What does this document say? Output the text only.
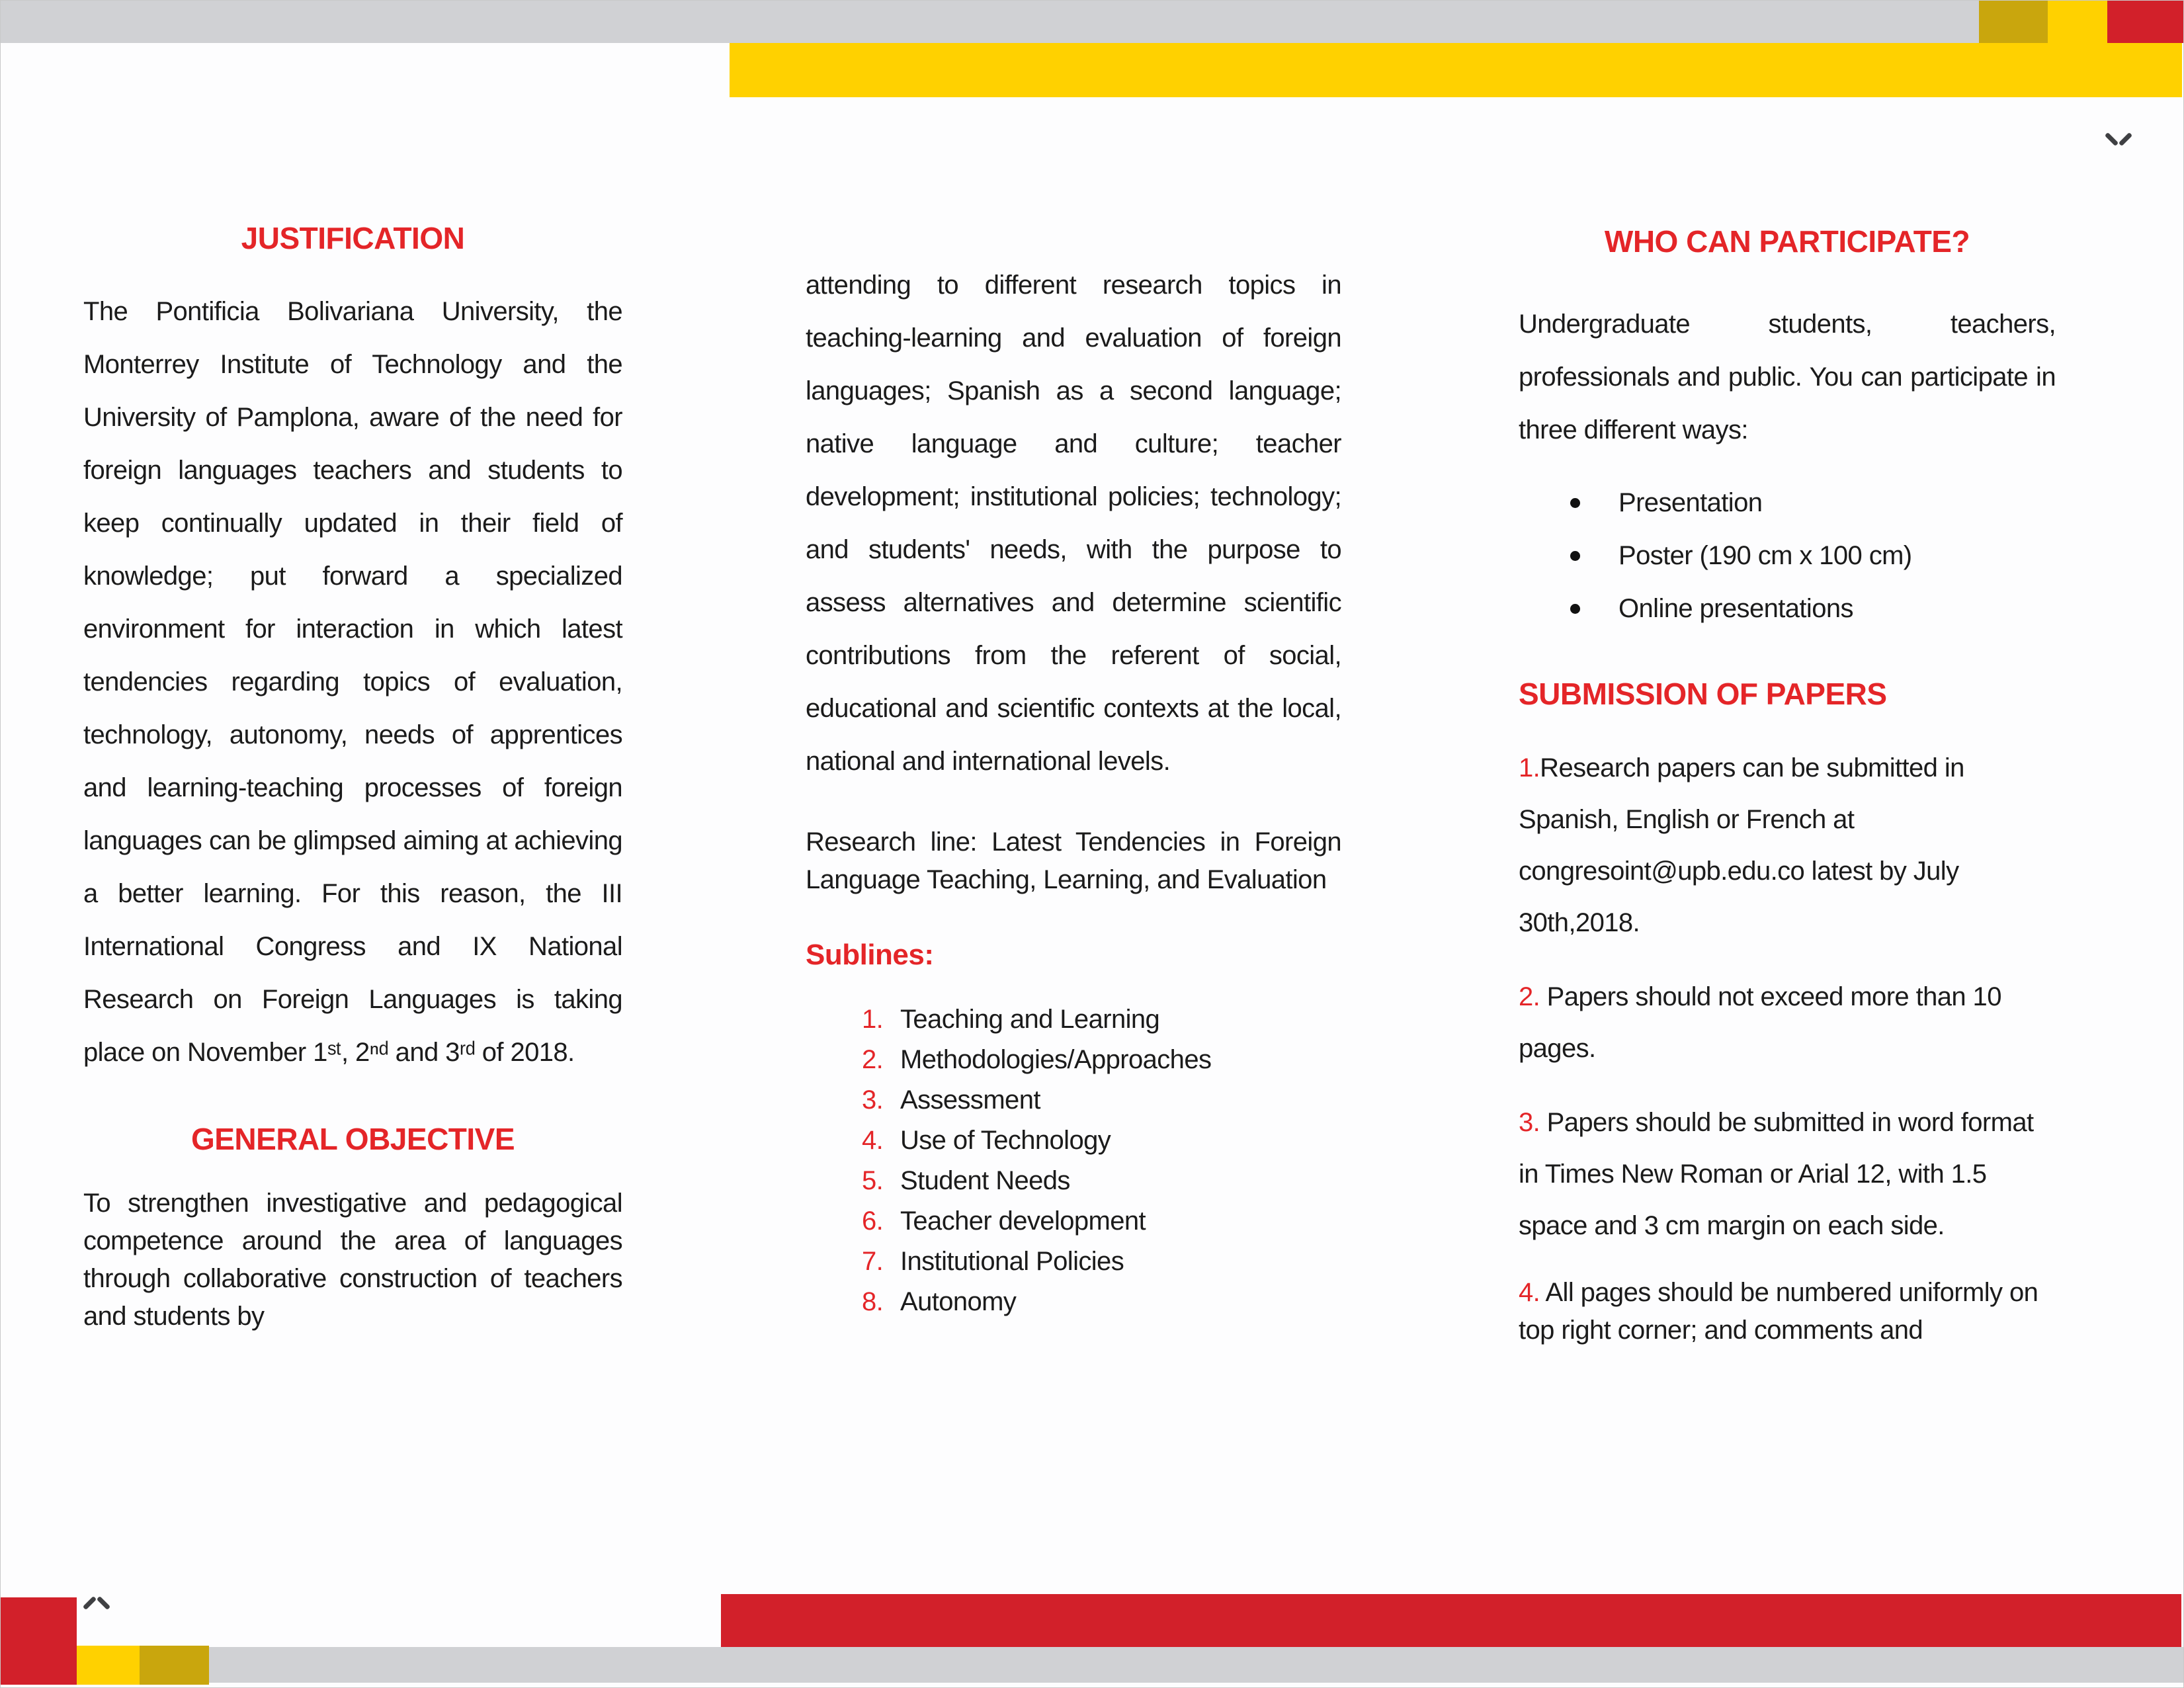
JUSTIFICATION

The Pontificia Bolivariana University, the Monterrey Institute of Technology and the University of Pamplona, aware of the need for foreign languages teachers and students to keep continually updated in their field of knowledge; put forward a specialized environment for interaction in which latest tendencies regarding topics of evaluation, technology, autonomy, needs of apprentices and learning-teaching processes of foreign languages can be glimpsed aiming at achieving a better learning. For this reason, the III International Congress and IX National Research on Foreign Languages is taking place on November 1ˢᵗ, 2ⁿᵈ and 3ʳᵈ of 2018.

GENERAL OBJECTIVE

To strengthen investigative and pedagogical competence around the area of languages through collaborative construction of teachers and students by

attending to different research topics in teaching-learning and evaluation of foreign languages; Spanish as a second language; native language and culture; teacher development; institutional policies; technology; and students' needs, with the purpose to assess alternatives and determine scientific contributions from the referent of social, educational and scientific contexts at the local, national and international levels.

Research line: Latest Tendencies in Foreign Language Teaching, Learning, and Evaluation

Sublines:
1. Teaching and Learning
2. Methodologies/Approaches
3. Assessment
4. Use of Technology
5. Student Needs
6. Teacher development
7. Institutional Policies
8. Autonomy
WHO CAN PARTICIPATE?

Undergraduate students, teachers, professionals and public. You can participate in three different ways:

Presentation
Poster (190 cm x 100 cm)
Online presentations
SUBMISSION OF PAPERS

1.Research papers can be submitted in Spanish, English or French at congresoint@upb.edu.co latest by July 30th,2018.

2. Papers should not exceed more than 10 pages.

3. Papers should be submitted in word format in Times New Roman or Arial 12, with 1.5 space and 3 cm margin on each side.

4. All pages should be numbered uniformly on top right corner; and comments and
